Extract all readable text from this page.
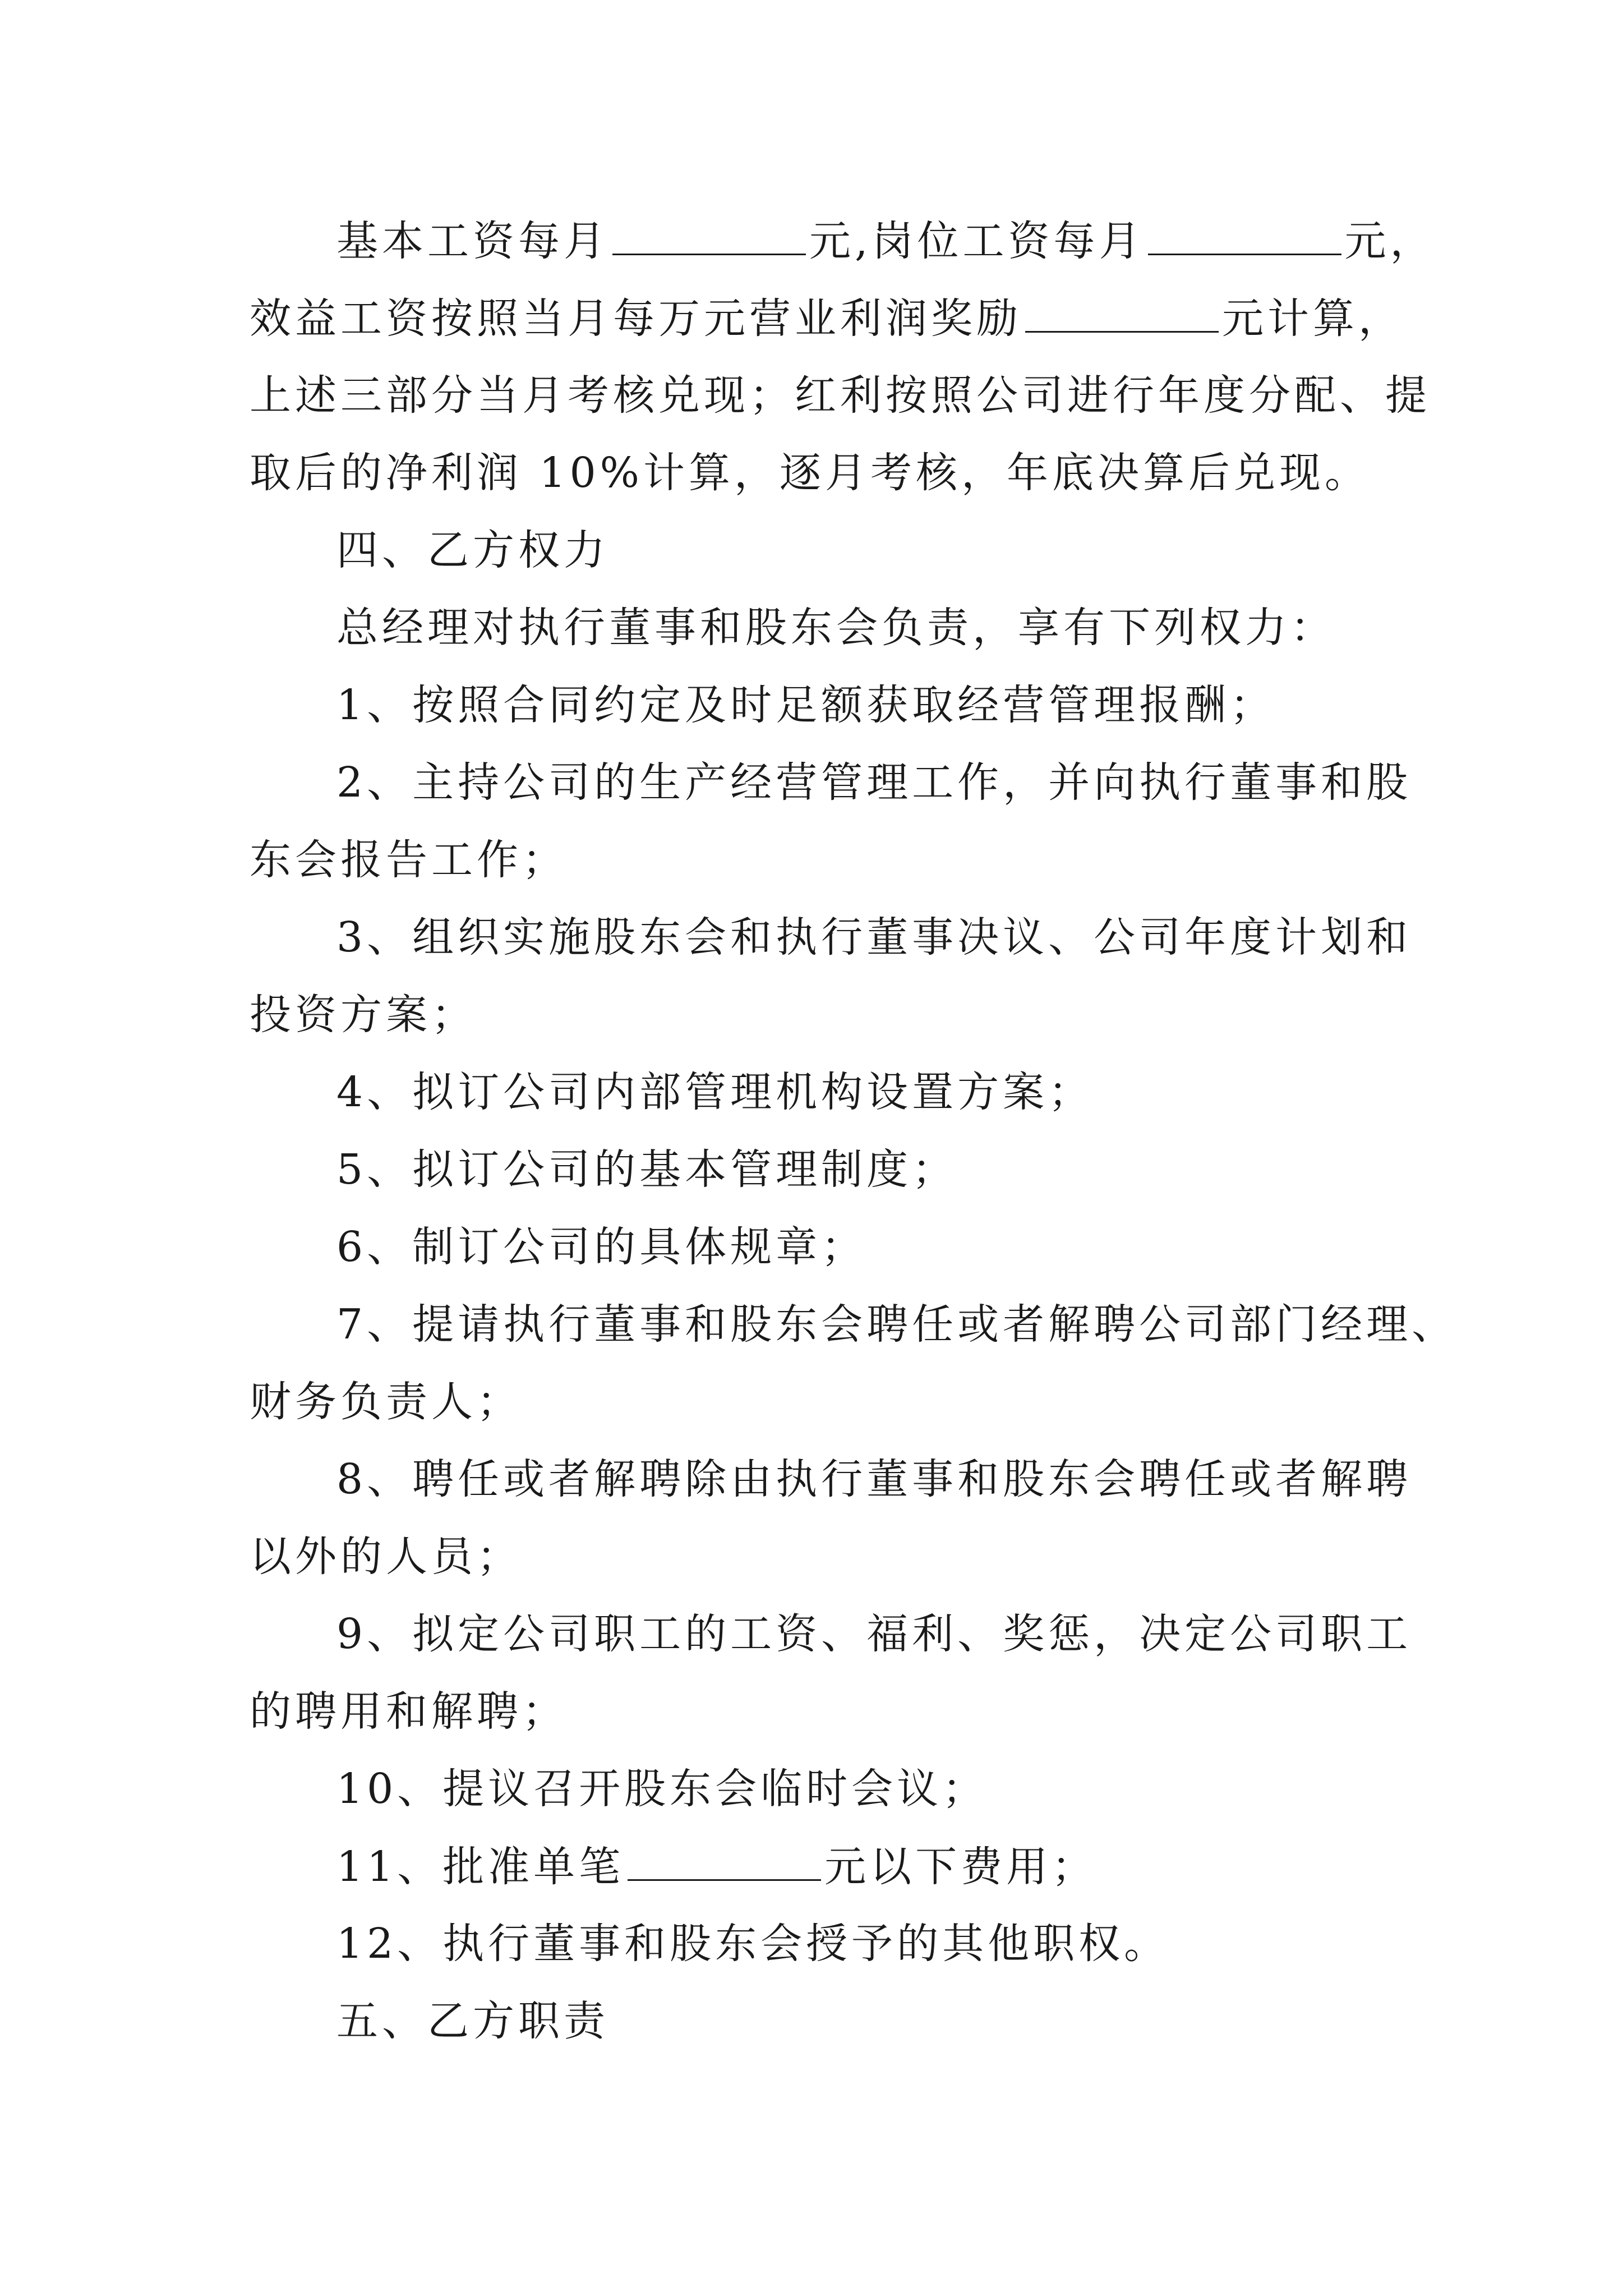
基本工资每月	元,岗位工资每月	元，
效益工资按照当月每万元营业利润奖励	元计算，
上述三部分当月考核兑现；红利按照公司进行年度分配、提
取后的净利润 10%计算，逐月考核，年底决算后兑现。
四、乙方权力
总经理对执行董事和股东会负责，享有下列权力：
1、按照合同约定及时足额获取经营管理报酬；
2、主持公司的生产经营管理工作，并向执行董事和股
东会报告工作；
3、组织实施股东会和执行董事决议、公司年度计划和
投资方案；
4、拟订公司内部管理机构设置方案；
5、拟订公司的基本管理制度；
6、制订公司的具体规章；
7、提请执行董事和股东会聘任或者解聘公司部门经理、
财务负责人；
8、聘任或者解聘除由执行董事和股东会聘任或者解聘
以外的人员；
9、拟定公司职工的工资、福利、奖惩，决定公司职工
的聘用和解聘；
10、提议召开股东会临时会议；
11、批准单笔	元以下费用；
12、执行董事和股东会授予的其他职权。
五、乙方职责
